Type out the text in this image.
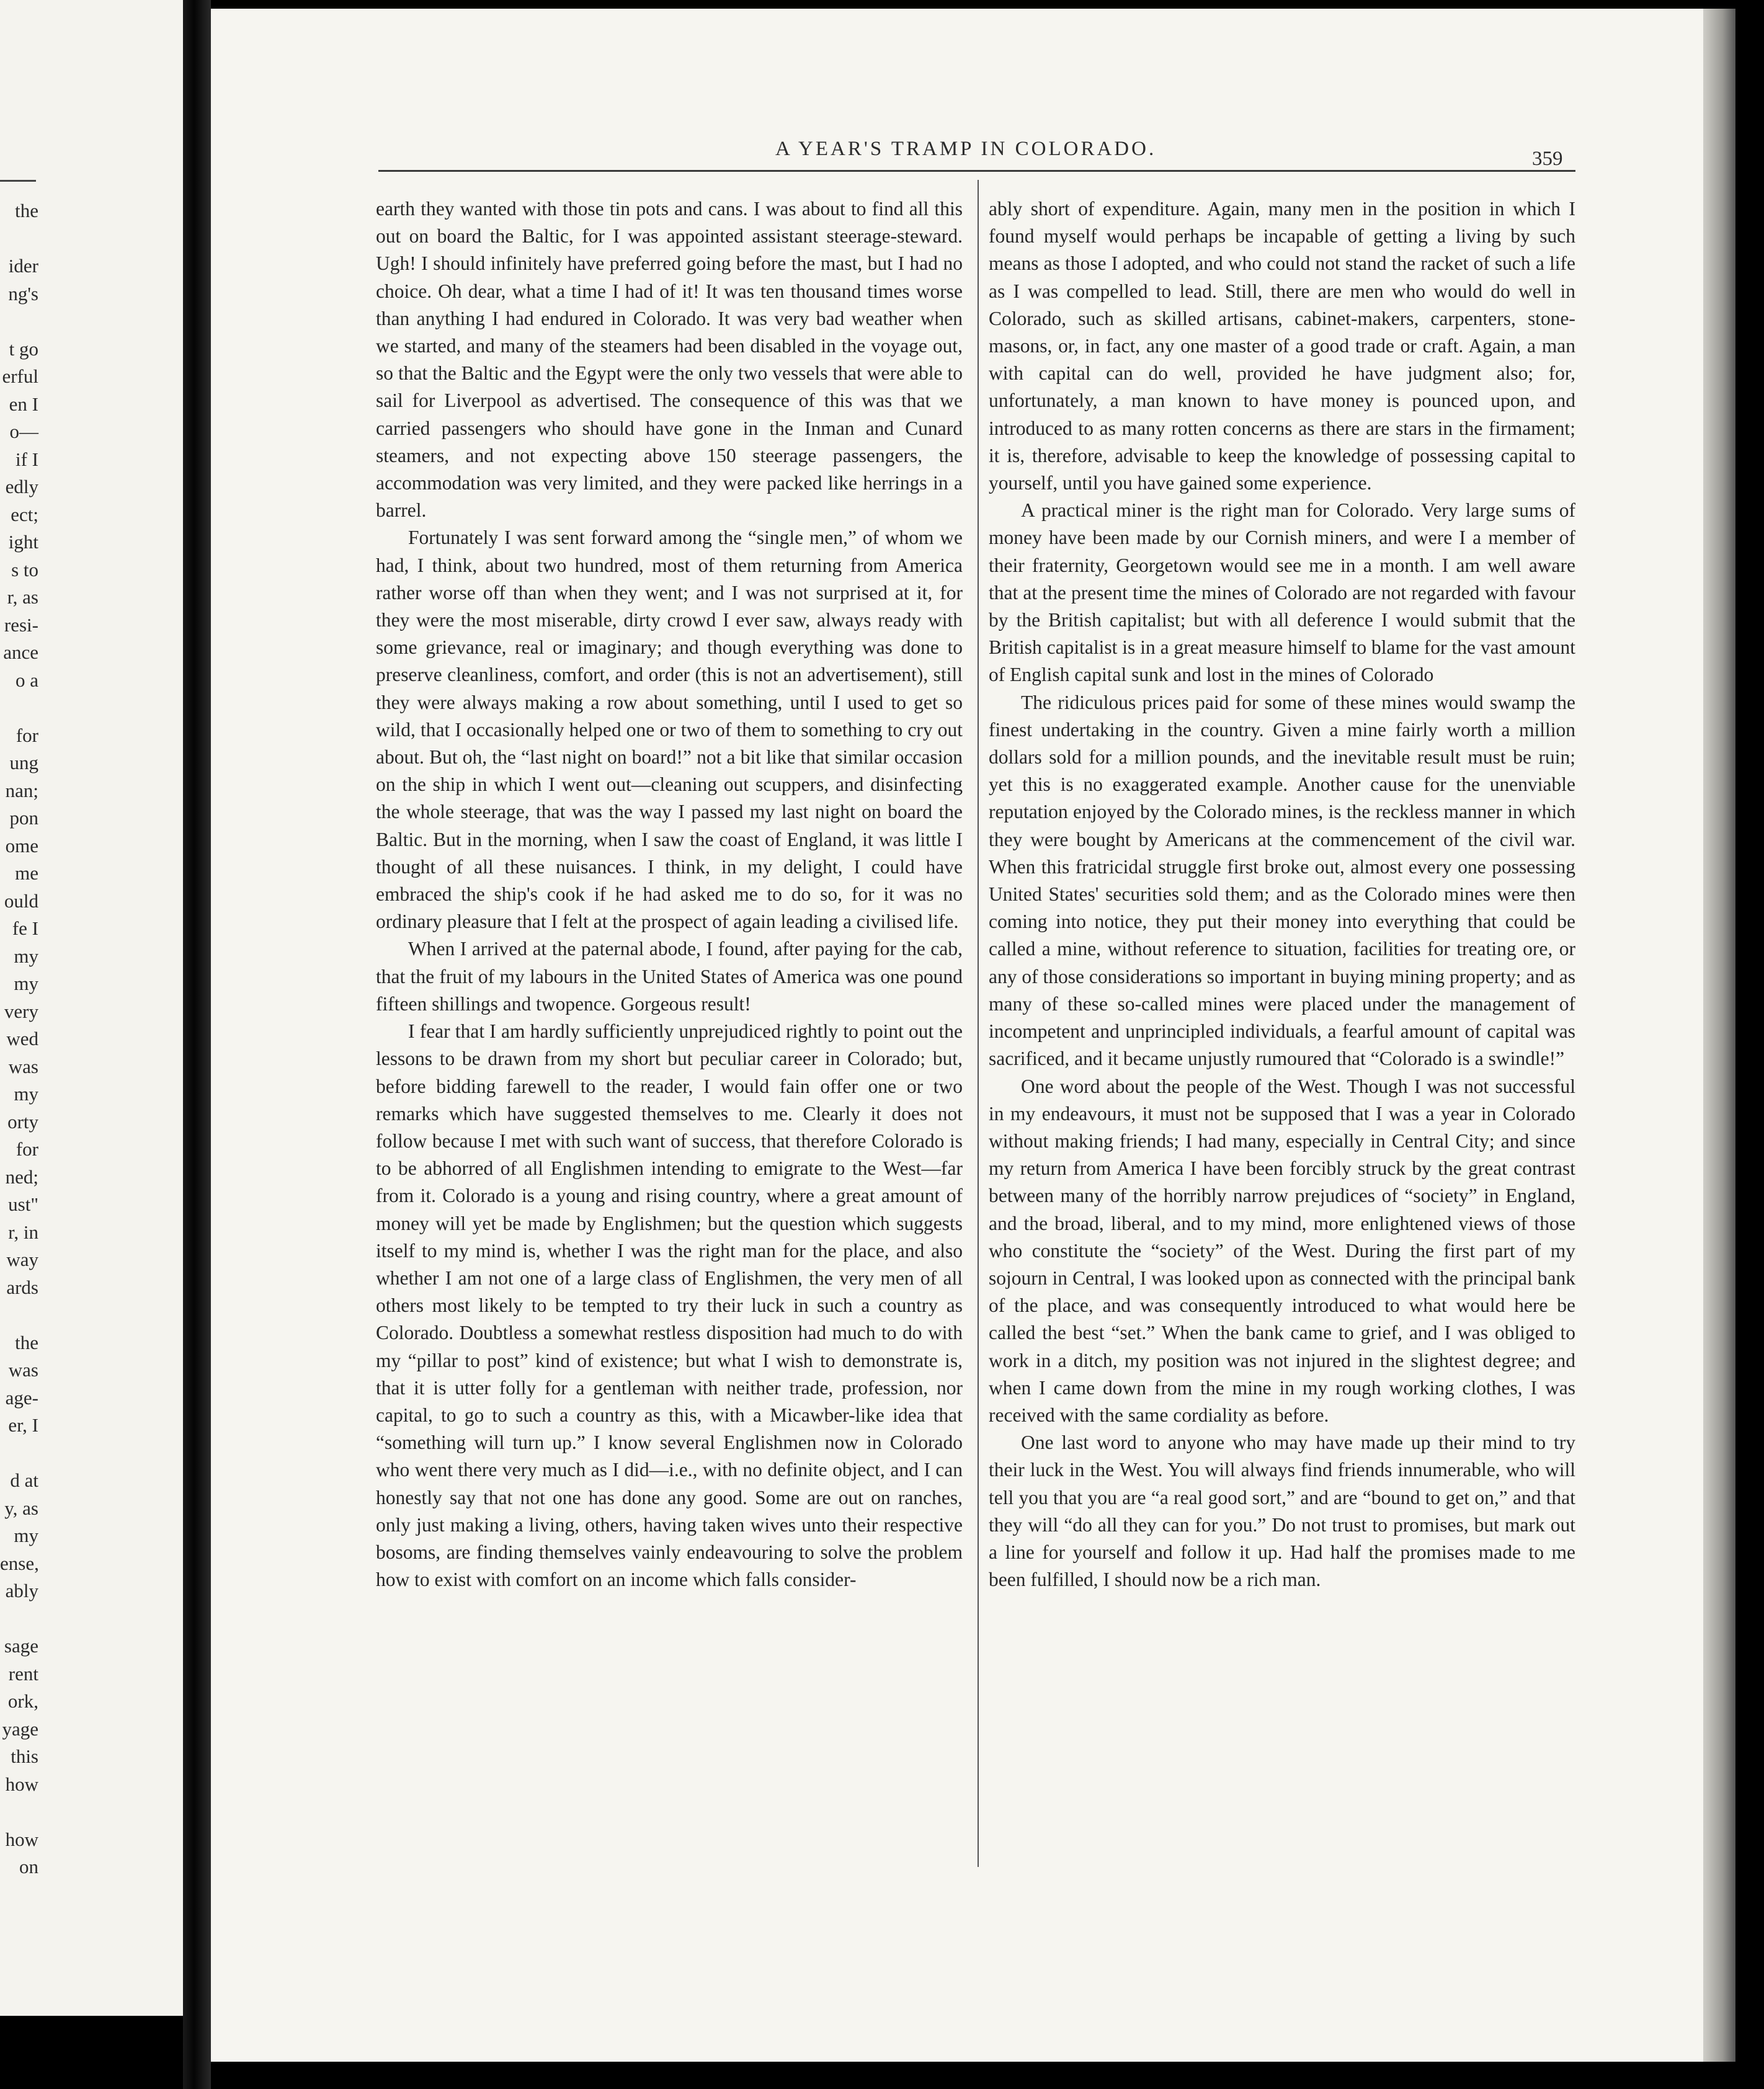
the
ider
ng's
t go
erful
en I
o—
if I
edly
ect;
ight
s to
r, as
resi-
ance
o a
for
ung
nan;
pon
ome
me
ould
fe I
my
my
very
wed
was
my
orty
for
ned;
ust"
r, in
way
ards
the
was
age-
er, I
d at
y, as
my
ense,
ably
sage
rent
ork,
yage
this
how
how
on
A YEAR'S TRAMP IN COLORADO.	359

earth they wanted with those tin pots and cans. I was about to find all this out on board the Baltic, for I was appointed assistant steerage-steward. Ugh! I should infinitely have preferred going before the mast, but I had no choice. Oh dear, what a time I had of it! It was ten thousand times worse than anything I had endured in Colorado. It was very bad weather when we started, and many of the steamers had been disabled in the voyage out, so that the Baltic and the Egypt were the only two vessels that were able to sail for Liverpool as advertised. The consequence of this was that we carried passengers who should have gone in the Inman and Cunard steamers, and not expecting above 150 steerage passengers, the accommodation was very limited, and they were packed like herrings in a barrel.

Fortunately I was sent forward among the “single men,” of whom we had, I think, about two hundred, most of them returning from America rather worse off than when they went; and I was not surprised at it, for they were the most miserable, dirty crowd I ever saw, always ready with some grievance, real or imaginary; and though everything was done to preserve cleanliness, comfort, and order (this is not an advertisement), still they were always making a row about something, until I used to get so wild, that I occasionally helped one or two of them to something to cry out about. But oh, the “last night on board!” not a bit like that similar occasion on the ship in which I went out—cleaning out scuppers, and disinfecting the whole steerage, that was the way I passed my last night on board the Baltic. But in the morning, when I saw the coast of England, it was little I thought of all these nuisances. I think, in my delight, I could have embraced the ship's cook if he had asked me to do so, for it was no ordinary pleasure that I felt at the prospect of again leading a civilised life.

When I arrived at the paternal abode, I found, after paying for the cab, that the fruit of my labours in the United States of America was one pound fifteen shillings and twopence. Gorgeous result!

I fear that I am hardly sufficiently unprejudiced rightly to point out the lessons to be drawn from my short but peculiar career in Colorado; but, before bidding farewell to the reader, I would fain offer one or two remarks which have suggested themselves to me. Clearly it does not follow because I met with such want of success, that therefore Colorado is to be abhorred of all Englishmen intending to emigrate to the West—far from it. Colorado is a young and rising country, where a great amount of money will yet be made by Englishmen; but the question which suggests itself to my mind is, whether I was the right man for the place, and also whether I am not one of a large class of Englishmen, the very men of all others most likely to be tempted to try their luck in such a country as Colorado. Doubtless a somewhat restless disposition had much to do with my “pillar to post” kind of existence; but what I wish to demonstrate is, that it is utter folly for a gentleman with neither trade, profession, nor capital, to go to such a country as this, with a Micawber-like idea that “something will turn up.” I know several Englishmen now in Colorado who went there very much as I did—i.e., with no definite object, and I can honestly say that not one has done any good. Some are out on ranches, only just making a living, others, having taken wives unto their respective bosoms, are finding themselves vainly endeavouring to solve the problem how to exist with comfort on an income which falls consider-

ably short of expenditure. Again, many men in the position in which I found myself would perhaps be incapable of getting a living by such means as those I adopted, and who could not stand the racket of such a life as I was compelled to lead. Still, there are men who would do well in Colorado, such as skilled artisans, cabinet-makers, carpenters, stone-masons, or, in fact, any one master of a good trade or craft. Again, a man with capital can do well, provided he have judgment also; for, unfortunately, a man known to have money is pounced upon, and introduced to as many rotten concerns as there are stars in the firmament; it is, therefore, advisable to keep the knowledge of possessing capital to yourself, until you have gained some experience.

A practical miner is the right man for Colorado. Very large sums of money have been made by our Cornish miners, and were I a member of their fraternity, Georgetown would see me in a month. I am well aware that at the present time the mines of Colorado are not regarded with favour by the British capitalist; but with all deference I would submit that the British capitalist is in a great measure himself to blame for the vast amount of English capital sunk and lost in the mines of Colorado

The ridiculous prices paid for some of these mines would swamp the finest undertaking in the country. Given a mine fairly worth a million dollars sold for a million pounds, and the inevitable result must be ruin; yet this is no exaggerated example. Another cause for the unenviable reputation enjoyed by the Colorado mines, is the reckless manner in which they were bought by Americans at the commencement of the civil war. When this fratricidal struggle first broke out, almost every one possessing United States' securities sold them; and as the Colorado mines were then coming into notice, they put their money into everything that could be called a mine, without reference to situation, facilities for treating ore, or any of those considerations so important in buying mining property; and as many of these so-called mines were placed under the management of incompetent and unprincipled individuals, a fearful amount of capital was sacrificed, and it became unjustly rumoured that “Colorado is a swindle!”

One word about the people of the West. Though I was not successful in my endeavours, it must not be supposed that I was a year in Colorado without making friends; I had many, especially in Central City; and since my return from America I have been forcibly struck by the great contrast between many of the horribly narrow prejudices of “society” in England, and the broad, liberal, and to my mind, more enlightened views of those who constitute the “society” of the West. During the first part of my sojourn in Central, I was looked upon as connected with the principal bank of the place, and was consequently introduced to what would here be called the best “set.” When the bank came to grief, and I was obliged to work in a ditch, my position was not injured in the slightest degree; and when I came down from the mine in my rough working clothes, I was received with the same cordiality as before.

One last word to anyone who may have made up their mind to try their luck in the West. You will always find friends innumerable, who will tell you that you are “a real good sort,” and are “bound to get on,” and that they will “do all they can for you.” Do not trust to promises, but mark out a line for yourself and follow it up. Had half the promises made to me been fulfilled, I should now be a rich man.
